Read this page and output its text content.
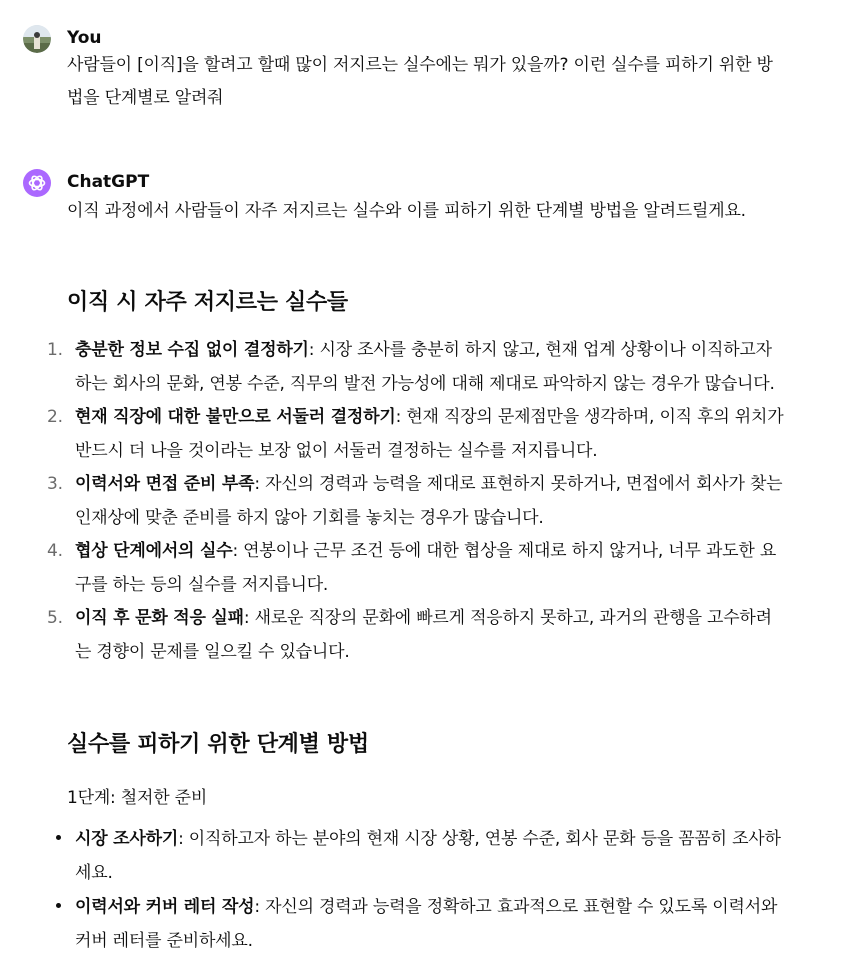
You

사람들이 [이직]을 할려고 할때 많이 저지르는 실수에는 뭐가 있을까? 이런 실수를 피하기 위한 방법을 단계별로 알려줘

ChatGPT

이직 과정에서 사람들이 자주 저지르는 실수와 이를 피하기 위한 단계별 방법을 알려드릴게요.

이직 시 자주 저지르는 실수들
1. 충분한 정보 수집 없이 결정하기: 시장 조사를 충분히 하지 않고, 현재 업계 상황이나 이직하고자 하는 회사의 문화, 연봉 수준, 직무의 발전 가능성에 대해 제대로 파악하지 않는 경우가 많습니다.
2. 현재 직장에 대한 불만으로 서둘러 결정하기: 현재 직장의 문제점만을 생각하며, 이직 후의 위치가 반드시 더 나을 것이라는 보장 없이 서둘러 결정하는 실수를 저지릅니다.
3. 이력서와 면접 준비 부족: 자신의 경력과 능력을 제대로 표현하지 못하거나, 면접에서 회사가 찾는 인재상에 맞춘 준비를 하지 않아 기회를 놓치는 경우가 많습니다.
4. 협상 단계에서의 실수: 연봉이나 근무 조건 등에 대한 협상을 제대로 하지 않거나, 너무 과도한 요구를 하는 등의 실수를 저지릅니다.
5. 이직 후 문화 적응 실패: 새로운 직장의 문화에 빠르게 적응하지 못하고, 과거의 관행을 고수하려는 경향이 문제를 일으킬 수 있습니다.
실수를 피하기 위한 단계별 방법

1단계: 철저한 준비

시장 조사하기: 이직하고자 하는 분야의 현재 시장 상황, 연봉 수준, 회사 문화 등을 꼼꼼히 조사하세요.
이력서와 커버 레터 작성: 자신의 경력과 능력을 정확하고 효과적으로 표현할 수 있도록 이력서와 커버 레터를 준비하세요.
